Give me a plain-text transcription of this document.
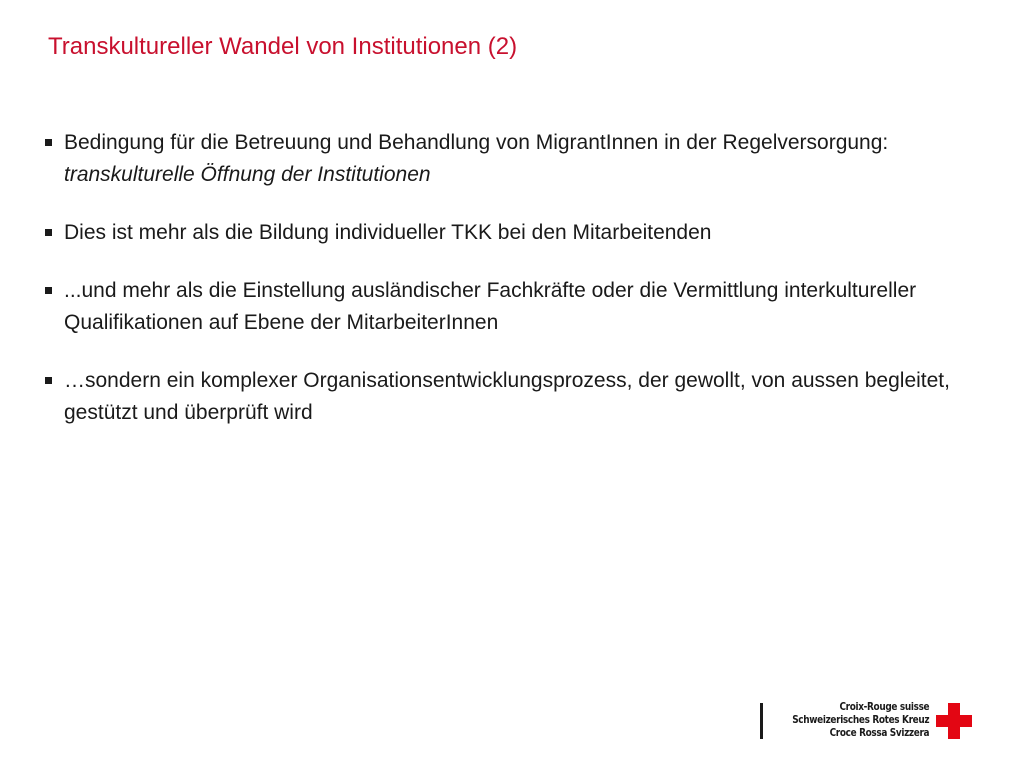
Transkultureller Wandel von Institutionen (2)
Bedingung für die Betreuung und Behandlung von MigrantInnen in der Regelversorgung: transkulturelle Öffnung der Institutionen
Dies ist mehr als die Bildung individueller TKK bei den Mitarbeitenden
...und mehr als die Einstellung ausländischer Fachkräfte oder die Vermittlung interkultureller Qualifikationen auf Ebene der MitarbeiterInnen
…sondern ein komplexer Organisationsentwicklungsprozess, der gewollt, von aussen begleitet, gestützt und überprüft wird
Croix-Rouge suisse
Schweizerisches Rotes Kreuz
Croce Rossa Svizzera
